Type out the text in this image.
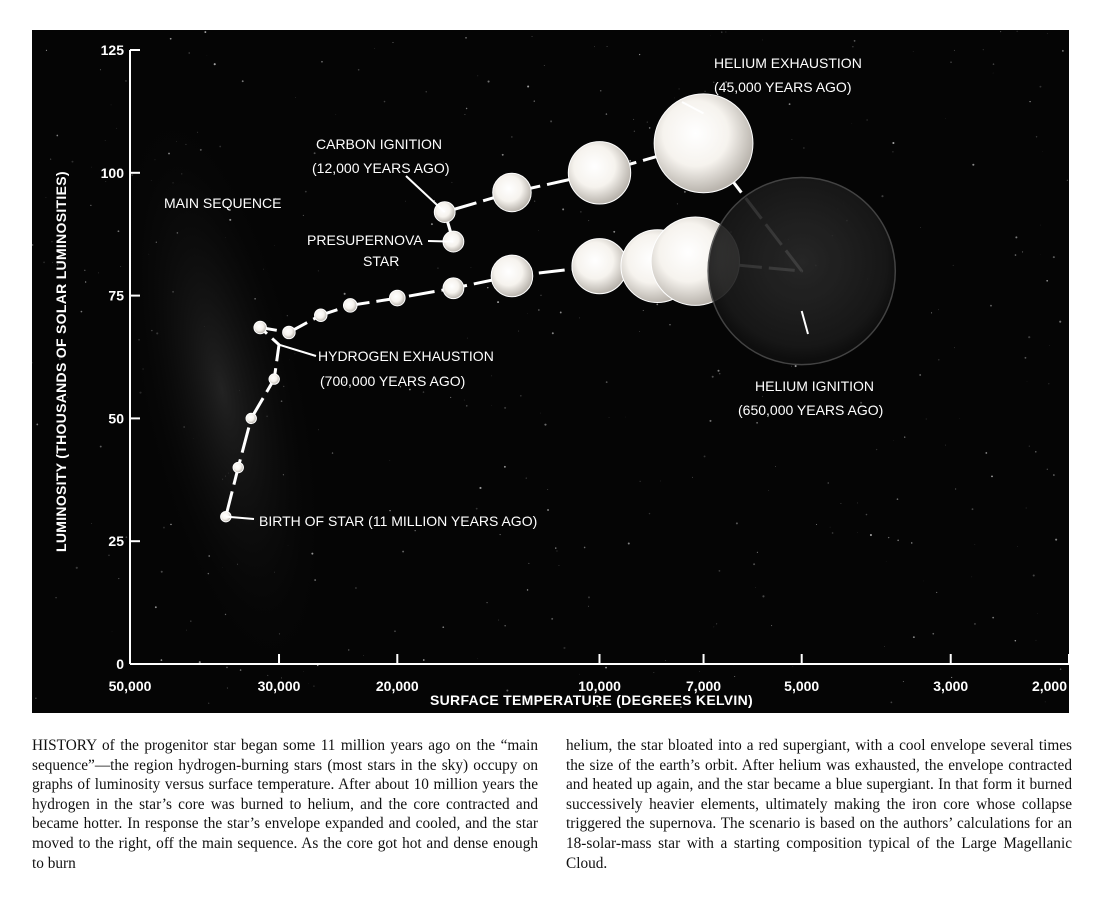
0
25
50
75
100
125
50,000	30,000	20,000	10,000	7,000	5,000	3,000	2,000
MAIN SEQUENCE
BIRTH OF STAR (11 MILLION YEARS AGO)
HYDROGEN EXHAUSTION
(700,000 YEARS AGO)	HELIUM IGNITION
(650,000 YEARS AGO)
HELIUM EXHAUSTION
(45,000 YEARS AGO)
CARBON IGNITION
(12,000 YEARS AGO)
PRESUPERNOVA
STAR
SURFACE TEMPERATURE (DEGREES KELVIN)
LUMINOSITY (THOUSANDS OF SOLAR LUMINOSITIES)
HISTORY of the progenitor star began some 11 million years ago on the “main sequence”—the region hydrogen-burning stars (most stars in the sky) occupy on graphs of luminosity versus surface temperature. After about 10 million years the hydrogen in the star’s core was burned to helium, and the core contracted and became hotter. In response the star’s envelope expanded and cooled, and the star moved to the right, off the main sequence. As the core got hot and dense enough to burn
helium, the star bloated into a red supergiant, with a cool envelope several times the size of the earth’s orbit. After helium was exhausted, the envelope contracted and heated up again, and the star became a blue supergiant. In that form it burned successively heavier elements, ultimately making the iron core whose collapse triggered the supernova. The scenario is based on the authors’ calculations for an 18-solar-mass star with a starting composition typical of the Large Magellanic Cloud.
